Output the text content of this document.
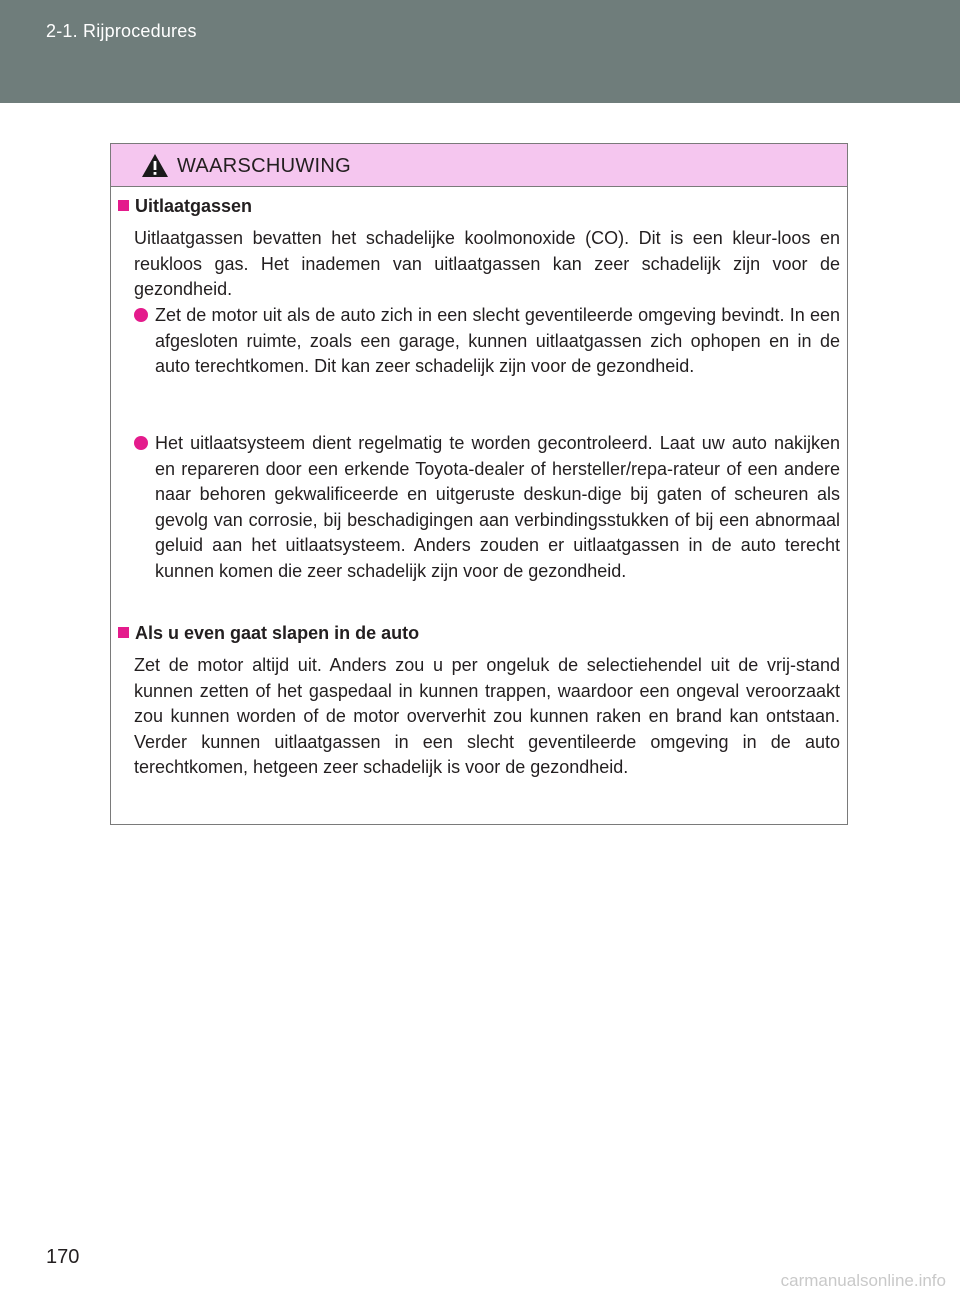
2-1. Rijprocedures
WAARSCHUWING
Uitlaatgassen
Uitlaatgassen bevatten het schadelijke koolmonoxide (CO). Dit is een kleur-loos en reukloos gas. Het inademen van uitlaatgassen kan zeer schadelijk zijn voor de gezondheid.
Zet de motor uit als de auto zich in een slecht geventileerde omgeving bevindt. In een afgesloten ruimte, zoals een garage, kunnen uitlaatgassen zich ophopen en in de auto terechtkomen. Dit kan zeer schadelijk zijn voor de gezondheid.
Het uitlaatsysteem dient regelmatig te worden gecontroleerd. Laat uw auto nakijken en repareren door een erkende Toyota-dealer of hersteller/repa-rateur of een andere naar behoren gekwalificeerde en uitgeruste deskun-dige bij gaten of scheuren als gevolg van corrosie, bij beschadigingen aan verbindingsstukken of bij een abnormaal geluid aan het uitlaatsysteem. Anders zouden er uitlaatgassen in de auto terecht kunnen komen die zeer schadelijk zijn voor de gezondheid.
Als u even gaat slapen in de auto
Zet de motor altijd uit. Anders zou u per ongeluk de selectiehendel uit de vrij-stand kunnen zetten of het gaspedaal in kunnen trappen, waardoor een ongeval veroorzaakt zou kunnen worden of de motor oververhit zou kunnen raken en brand kan ontstaan. Verder kunnen uitlaatgassen in een slecht geventileerde omgeving in de auto terechtkomen, hetgeen zeer schadelijk is voor de gezondheid.
170
carmanualsonline.info
